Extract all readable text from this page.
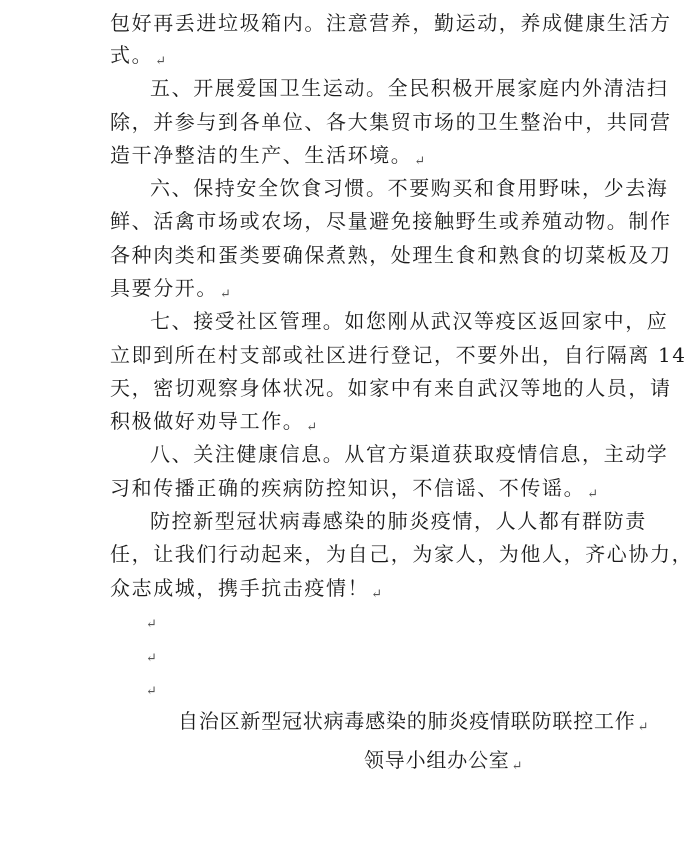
包好再丢进垃圾箱内。注意营养，勤运动，养成健康生活方
式。 ↵
五、开展爱国卫生运动。全民积极开展家庭内外清洁扫
除，并参与到各单位、各大集贸市场的卫生整治中，共同营
造干净整洁的生产、生活环境。 ↵
六、保持安全饮食习惯。不要购买和食用野味，少去海
鲜、活禽市场或农场，尽量避免接触野生或养殖动物。制作
各种肉类和蛋类要确保煮熟，处理生食和熟食的切菜板及刀
具要分开。 ↵
七、接受社区管理。如您刚从武汉等疫区返回家中，应
立即到所在村支部或社区进行登记，不要外出，自行隔离 14
天，密切观察身体状况。如家中有来自武汉等地的人员，请
积极做好劝导工作。 ↵
八、关注健康信息。从官方渠道获取疫情信息，主动学
习和传播正确的疾病防控知识，不信谣、不传谣。 ↵
防控新型冠状病毒感染的肺炎疫情，人人都有群防责
任，让我们行动起来，为自己，为家人，为他人，齐心协力，
众志成城，携手抗击疫情！ ↵
↵
↵
↵
自治区新型冠状病毒感染的肺炎疫情联防联控工作 ↵
领导小组办公室 ↵
